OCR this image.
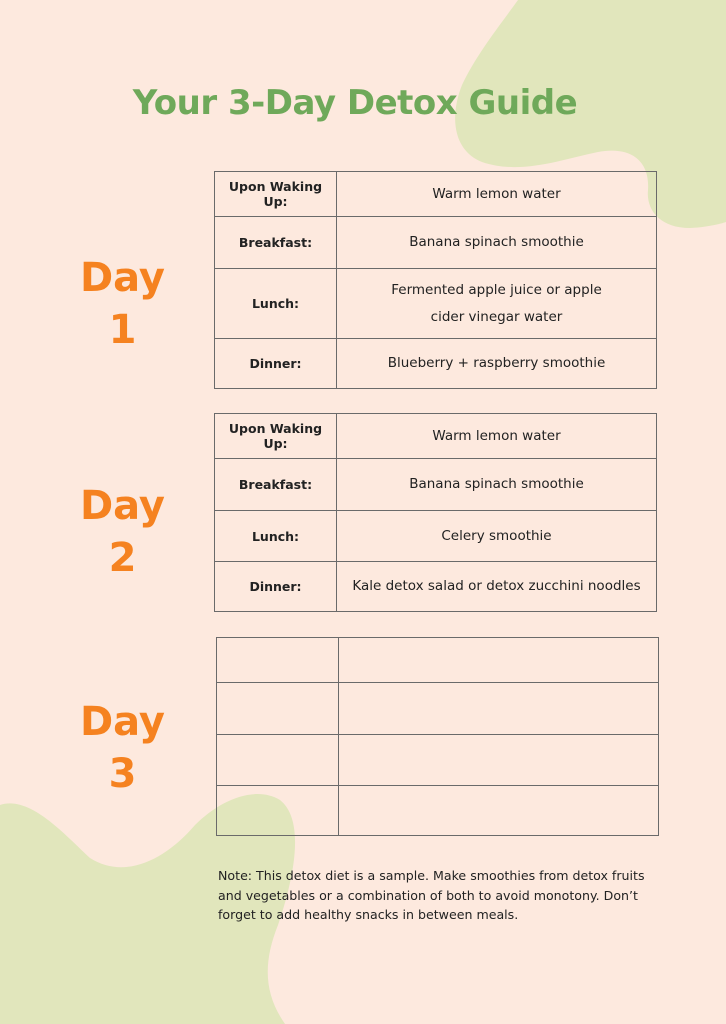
Your 3-Day Detox Guide
Day
1
Upon Waking Up:	Warm lemon water
Breakfast:	Banana spinach smoothie
Lunch:	Fermented apple juice or apple
cider vinegar water

Dinner:	Blueberry + raspberry smoothie
Day
2
Upon Waking Up:	Warm lemon water
Breakfast:	Banana spinach smoothie
Lunch:	Celery smoothie
Dinner:	Kale detox salad or detox zucchini noodles
Day
3

Note: This detox diet is a sample. Make smoothies from detox fruits and vegetables or a combination of both to avoid monotony. Don’t forget to add healthy snacks in between meals.
